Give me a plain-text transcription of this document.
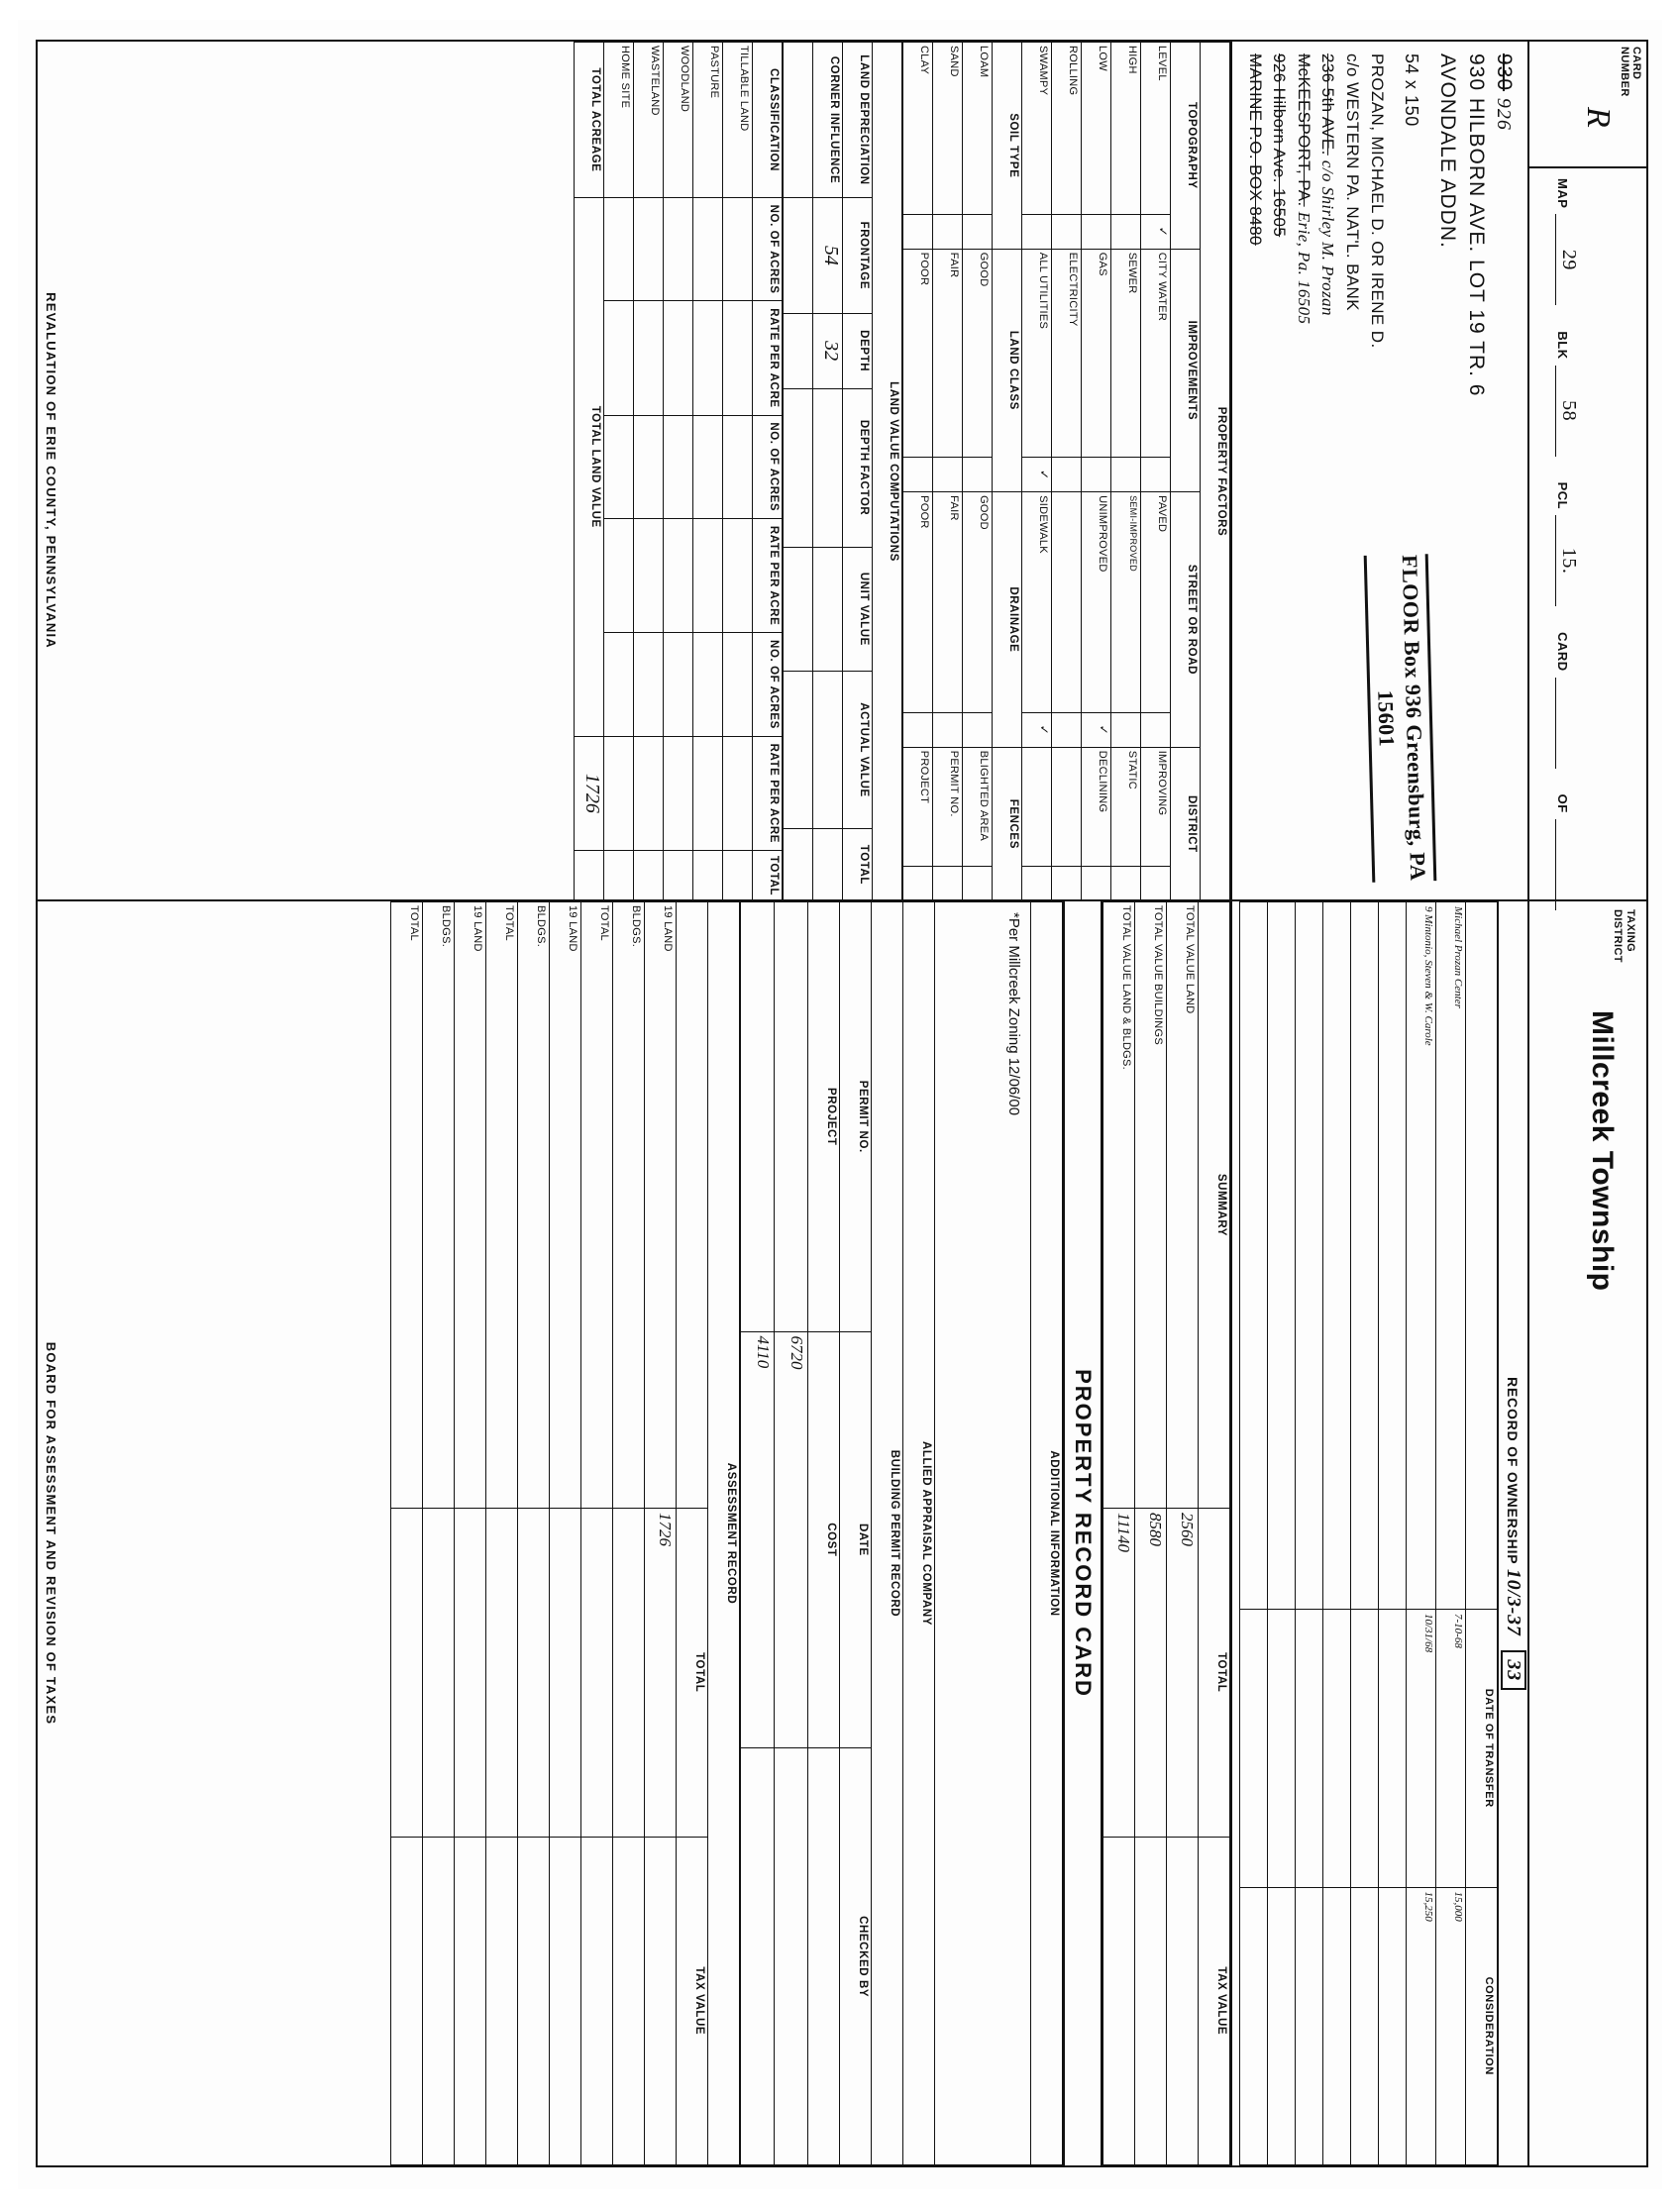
CARD
NUMBER
R
MAP
29
BLK
58
PCL
15.
CARD
OF
TAXING
DISTRICT
Millcreek Township
930 926
930 HILBORN AVE. LOT 19 TR. 6
AVONDALE ADDN.
54 x 150
PROZAN, MICHAEL D. OR IRENE D.
c/o WESTERN PA. NAT'L. BANK
236 5th AVE. c/o Shirley M. Prozan
McKEESPORT, PA. Erie, Pa. 16505
926 Hilborn Ave. 16505
MARINE P.O. BOX 8480
FLOOR Box 936 Greensburg, PA 15601
PROPERTY FACTORS							
TOPOGRAPHY		IMPROVEMENTS		STREET OR ROAD		DISTRICT	
LEVEL	✓	CITY WATER		PAVED		IMPROVING	
HIGH		SEWER		SEMI-IMPROVED		STATIC	
LOW		GAS		UNIMPROVED	✓	DECLINING	
ROLLING		ELECTRICITY					
SWAMPY		ALL UTILITIES	✓	SIDEWALK	✓		
SOIL TYPE		LAND CLASS		DRAINAGE		FENCES	
LOAM		GOOD		GOOD		BLIGHTED AREA	
SAND		FAIR		FAIR		PERMIT NO.	
CLAY		POOR		POOR		PROJECT	
LAND VALUE COMPUTATIONS						
LAND DEPRECIATION	FRONTAGE	DEPTH	DEPTH FACTOR	UNIT VALUE	ACTUAL VALUE	TOTAL
CORNER INFLUENCE	54	32				

CLASSIFICATION	NO. OF ACRES	RATE PER ACRE	NO. OF ACRES	RATE PER ACRE	NO. OF ACRES	RATE PER ACRE	TOTAL
TILLABLE LAND							
PASTURE							
WOODLAND							
WASTELAND							
HOME SITE							
TOTAL ACREAGE	TOTAL LAND VALUE					1726	
REVALUATION OF ERIE COUNTY, PENNSYLVANIA
RECORD OF OWNERSHIP 10/3-37 33
	DATE OF TRANSFER	CONSIDERATION
Michael Prozan Center	7-10-68	15,000
9 Mintonio, Steven & W. Carole	10/31/68	15,250

SUMMARY	TOTAL	TAX VALUE
TOTAL VALUE LAND	2560	
TOTAL VALUE BUILDINGS	8580	
TOTAL VALUE LAND & BLDGS.	11140	
PROPERTY RECORD CARD
ADDITIONAL INFORMATION		
*Per Millcreek Zoning 12/06/00		
ALLIED APPRAISAL COMPANY		
BUILDING PERMIT RECORD		
PERMIT NO.	DATE	CHECKED BY
PROJECT	COST	
	6720	
	4110	
ASSESSMENT RECORD		
	TOTAL	TAX VALUE
19 LAND	1726	
BLDGS.		
TOTAL		
19 LAND		
BLDGS.		
TOTAL		
19 LAND		
BLDGS.		
TOTAL		
BOARD FOR ASSESSMENT AND REVISION OF TAXES
